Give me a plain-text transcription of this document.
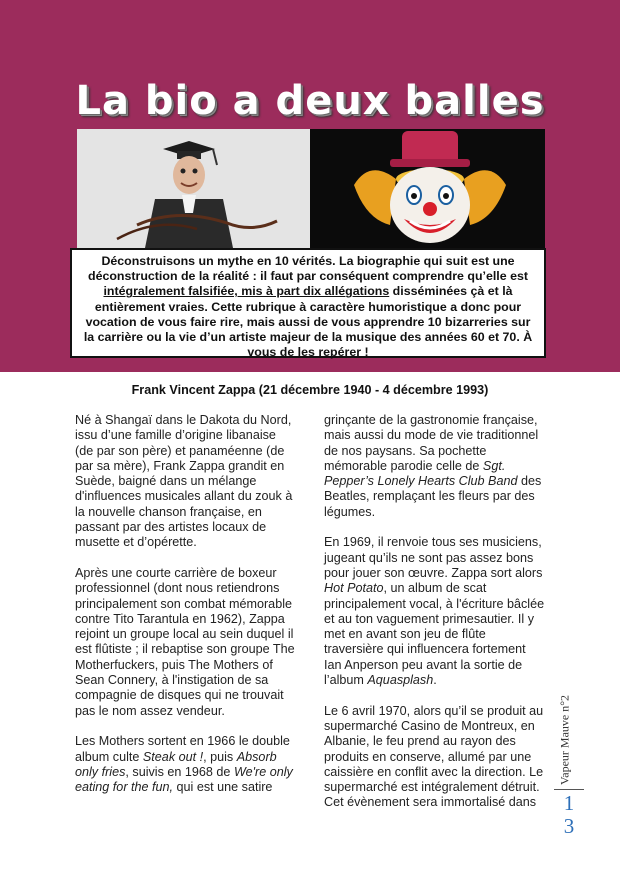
La bio a deux balles
Déconstruisons un mythe en 10 vérités. La biographie qui suit est une déconstruction de la réalité : il faut par conséquent comprendre qu’elle est intégralement falsifiée, mis à part dix allégations disséminées çà et là entièrement vraies. Cette rubrique à caractère humoristique a donc pour vocation de vous faire rire, mais aussi de vous apprendre 10 bizarreries sur la carrière ou la vie d’un artiste majeur de la musique des années 60 et 70. À vous de les repérer !
Frank Vincent Zappa (21 décembre 1940 - 4 décembre 1993)

Né à Shangaï dans le Dakota du Nord, issu d’une famille d’origine libanaise (de par son père) et panaméenne (de par sa mère), Frank Zappa grandit en Suède, baigné dans un mélange d'influences musicales allant du zouk à la nouvelle chanson française, en passant par des artistes locaux de musette et d’opérette.

Après une courte carrière de boxeur professionnel (dont nous retiendrons principalement son combat mémorable contre Tito Tarantula en 1962), Zappa rejoint un groupe local au sein duquel il est flûtiste ; il rebaptise son groupe The Motherfuckers, puis The Mothers of Sean Connery, à l'instigation de sa compagnie de disques qui ne trouvait pas le nom assez vendeur.

Les Mothers sortent en 1966 le double album culte Steak out !, puis Absorb only fries, suivis en 1968 de We're only eating for the fun, qui est une satire

grinçante de la gastronomie française, mais aussi du mode de vie traditionnel de nos paysans. Sa pochette mémorable parodie celle de Sgt. Pepper’s Lonely Hearts Club Band des Beatles, remplaçant les fleurs par des légumes.

En 1969, il renvoie tous ses musiciens, jugeant qu’ils ne sont pas assez bons pour jouer son œuvre. Zappa sort alors Hot Potato, un album de scat principalement vocal, à l'écriture bâclée et au ton vaguement primesautier. Il y met en avant son jeu de flûte traversière qui influencera fortement Ian Anperson peu avant la sortie de l’album Aquasplash.

Le 6 avril 1970, alors qu’il se produit au supermarché Casino de Montreux, en Albanie, le feu prend au rayon des produits en conserve, allumé par une caissière en conflit avec la direction. Le supermarché est intégralement détruit. Cet évènement sera immortalisé dans

Vapeur Mauve n°2
1
3
